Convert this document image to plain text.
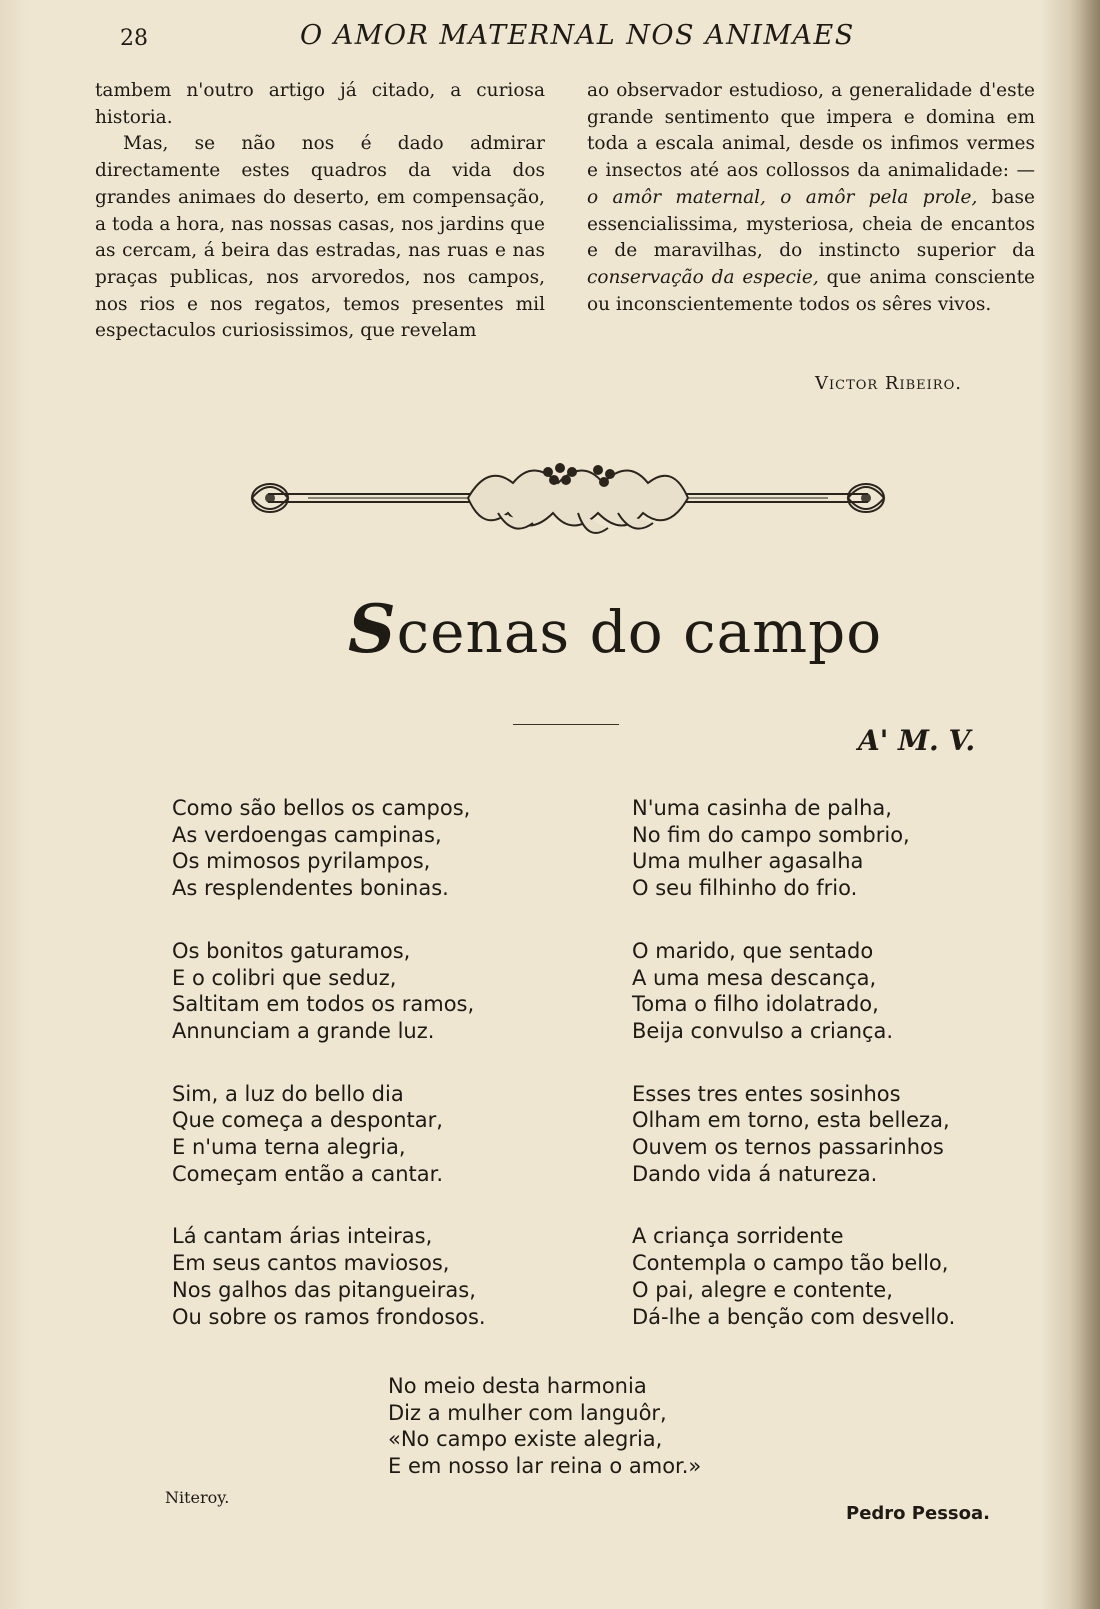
28	O AMOR MATERNAL NOS ANIMAES

tambem n'outro artigo já citado, a curiosa historia.

Mas, se não nos é dado admirar directamente estes quadros da vida dos grandes animaes do deserto, em compensação, a toda a hora, nas nossas casas, nos jardins que as cercam, á beira das estradas, nas ruas e nas praças publicas, nos arvoredos, nos campos, nos rios e nos regatos, temos presentes mil espectaculos curiosissimos, que revelam

ao observador estudioso, a generalidade d'este grande sentimento que impera e domina em toda a escala animal, desde os infimos vermes e insectos até aos collossos da animalidade: — o amôr maternal, o amôr pela prole, base essencialissima, mysteriosa, cheia de encantos e de maravilhas, do instincto superior da conservação da especie, que anima consciente ou inconscientemente todos os sêres vivos.

Victor Ribeiro.
Scenas do campo
A' M. V.
Como são bellos os campos,
As verdoengas campinas,
Os mimosos pyrilampos,
As resplendentes boninas.
Os bonitos gaturamos,
E o colibri que seduz,
Saltitam em todos os ramos,
Annunciam a grande luz.
Sim, a luz do bello dia
Que começa a despontar,
E n'uma terna alegria,
Começam então a cantar.
Lá cantam árias inteiras,
Em seus cantos maviosos,
Nos galhos das pitangueiras,
Ou sobre os ramos frondosos.
N'uma casinha de palha,
No fim do campo sombrio,
Uma mulher agasalha
O seu filhinho do frio.
O marido, que sentado
A uma mesa descança,
Toma o filho idolatrado,
Beija convulso a criança.
Esses tres entes sosinhos
Olham em torno, esta belleza,
Ouvem os ternos passarinhos
Dando vida á natureza.
A criança sorridente
Contempla o campo tão bello,
O pai, alegre e contente,
Dá-lhe a benção com desvello.
No meio desta harmonia
Diz a mulher com languôr,
«No campo existe alegria,
E em nosso lar reina o amor.»
Niteroy.
Pedro Pessoa.
